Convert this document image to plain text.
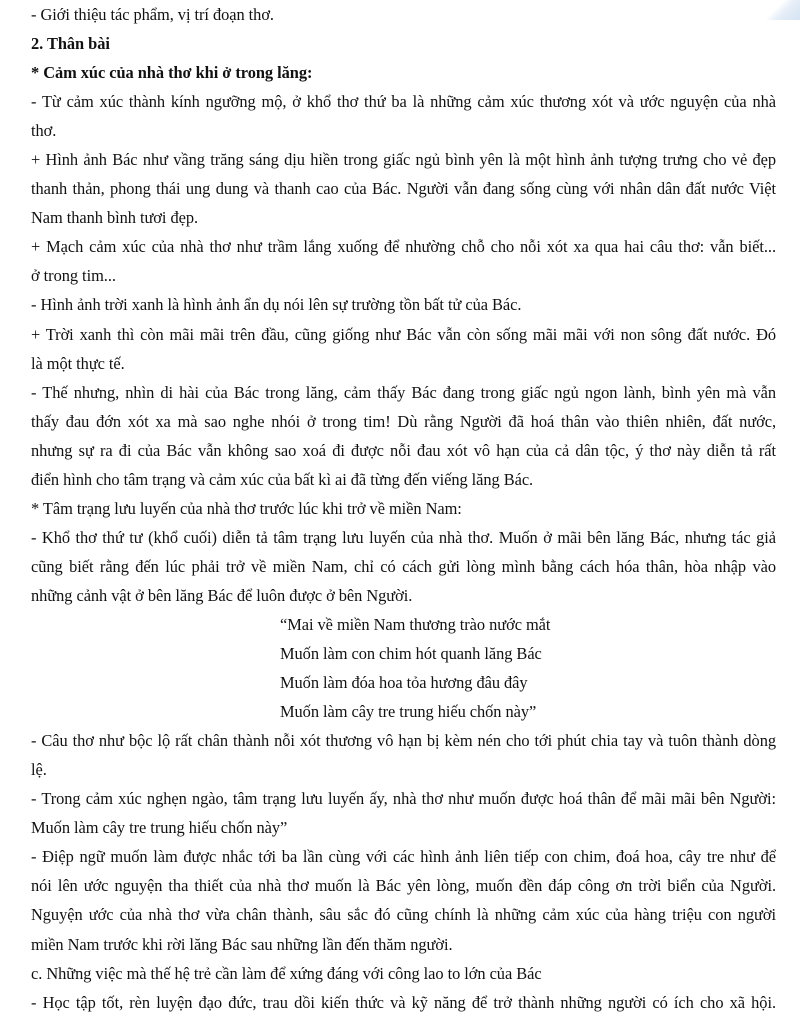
- Giới thiệu tác phẩm, vị trí đoạn thơ.
2. Thân bài
* Cảm xúc của nhà thơ khi ở trong lăng:
- Từ cảm xúc thành kính ngưỡng mộ, ở khổ thơ thứ ba là những cảm xúc thương xót và ước nguyện của nhà
thơ.
+ Hình ảnh Bác như vầng trăng sáng dịu hiền trong giấc ngủ bình yên là một hình ảnh tượng trưng cho vẻ đẹp
thanh thản, phong thái ung dung và thanh cao của Bác. Người vẫn đang sống cùng với nhân dân đất nước Việt
Nam thanh bình tươi đẹp.
+ Mạch cảm xúc của nhà thơ như trầm lắng xuống để nhường chỗ cho nỗi xót xa qua hai câu thơ: vẫn biết...
ở trong tim...
- Hình ảnh trời xanh là hình ảnh ẩn dụ nói lên sự trường tồn bất tử của Bác.
+ Trời xanh thì còn mãi mãi trên đầu, cũng giống như Bác vẫn còn sống mãi mãi với non sông đất nước. Đó
là một thực tế.
- Thế nhưng, nhìn di hài của Bác trong lăng, cảm thấy Bác đang trong giấc ngủ ngon lành, bình yên mà vẫn
thấy đau đớn xót xa mà sao nghe nhói ở trong tim! Dù rằng Người đã hoá thân vào thiên nhiên, đất nước,
nhưng sự ra đi của Bác vẫn không sao xoá đi được nỗi đau xót vô hạn của cả dân tộc, ý thơ này diễn tả rất
điển hình cho tâm trạng và cảm xúc của bất kì ai đã từng đến viếng lăng Bác.
* Tâm trạng lưu luyến của nhà thơ trước lúc khi trở về miền Nam:
- Khổ thơ thứ tư (khổ cuối) diễn tả tâm trạng lưu luyến của nhà thơ. Muốn ở mãi bên lăng Bác, nhưng tác giả
cũng biết rằng đến lúc phải trở về miền Nam, chỉ có cách gửi lòng mình bằng cách hóa thân, hòa nhập vào
những cảnh vật ở bên lăng Bác để luôn được ở bên Người.
“Mai về miền Nam thương trào nước mắt
Muốn làm con chim hót quanh lăng Bác
Muốn làm đóa hoa tỏa hương đâu đây
Muốn làm cây tre trung hiếu chốn này”
- Câu thơ như bộc lộ rất chân thành nỗi xót thương vô hạn bị kèm nén cho tới phút chia tay và tuôn thành dòng
lệ.
- Trong cảm xúc nghẹn ngào, tâm trạng lưu luyến ấy, nhà thơ như muốn được hoá thân để mãi mãi bên Người:
Muốn làm cây tre trung hiếu chốn này”
- Điệp ngữ muốn làm được nhắc tới ba lần cùng với các hình ảnh liên tiếp con chim, đoá hoa, cây tre như để
nói lên ước nguyện tha thiết của nhà thơ muốn là Bác yên lòng, muốn đền đáp công ơn trời biển của Người.
Nguyện ước của nhà thơ vừa chân thành, sâu sắc đó cũng chính là những cảm xúc của hàng triệu con người
miền Nam trước khi rời lăng Bác sau những lần đến thăm người.
c. Những việc mà thế hệ trẻ cần làm để xứng đáng với công lao to lớn của Bác
- Học tập tốt, rèn luyện đạo đức, trau dồi kiến thức và kỹ năng để trở thành những người có ích cho xã hội.
